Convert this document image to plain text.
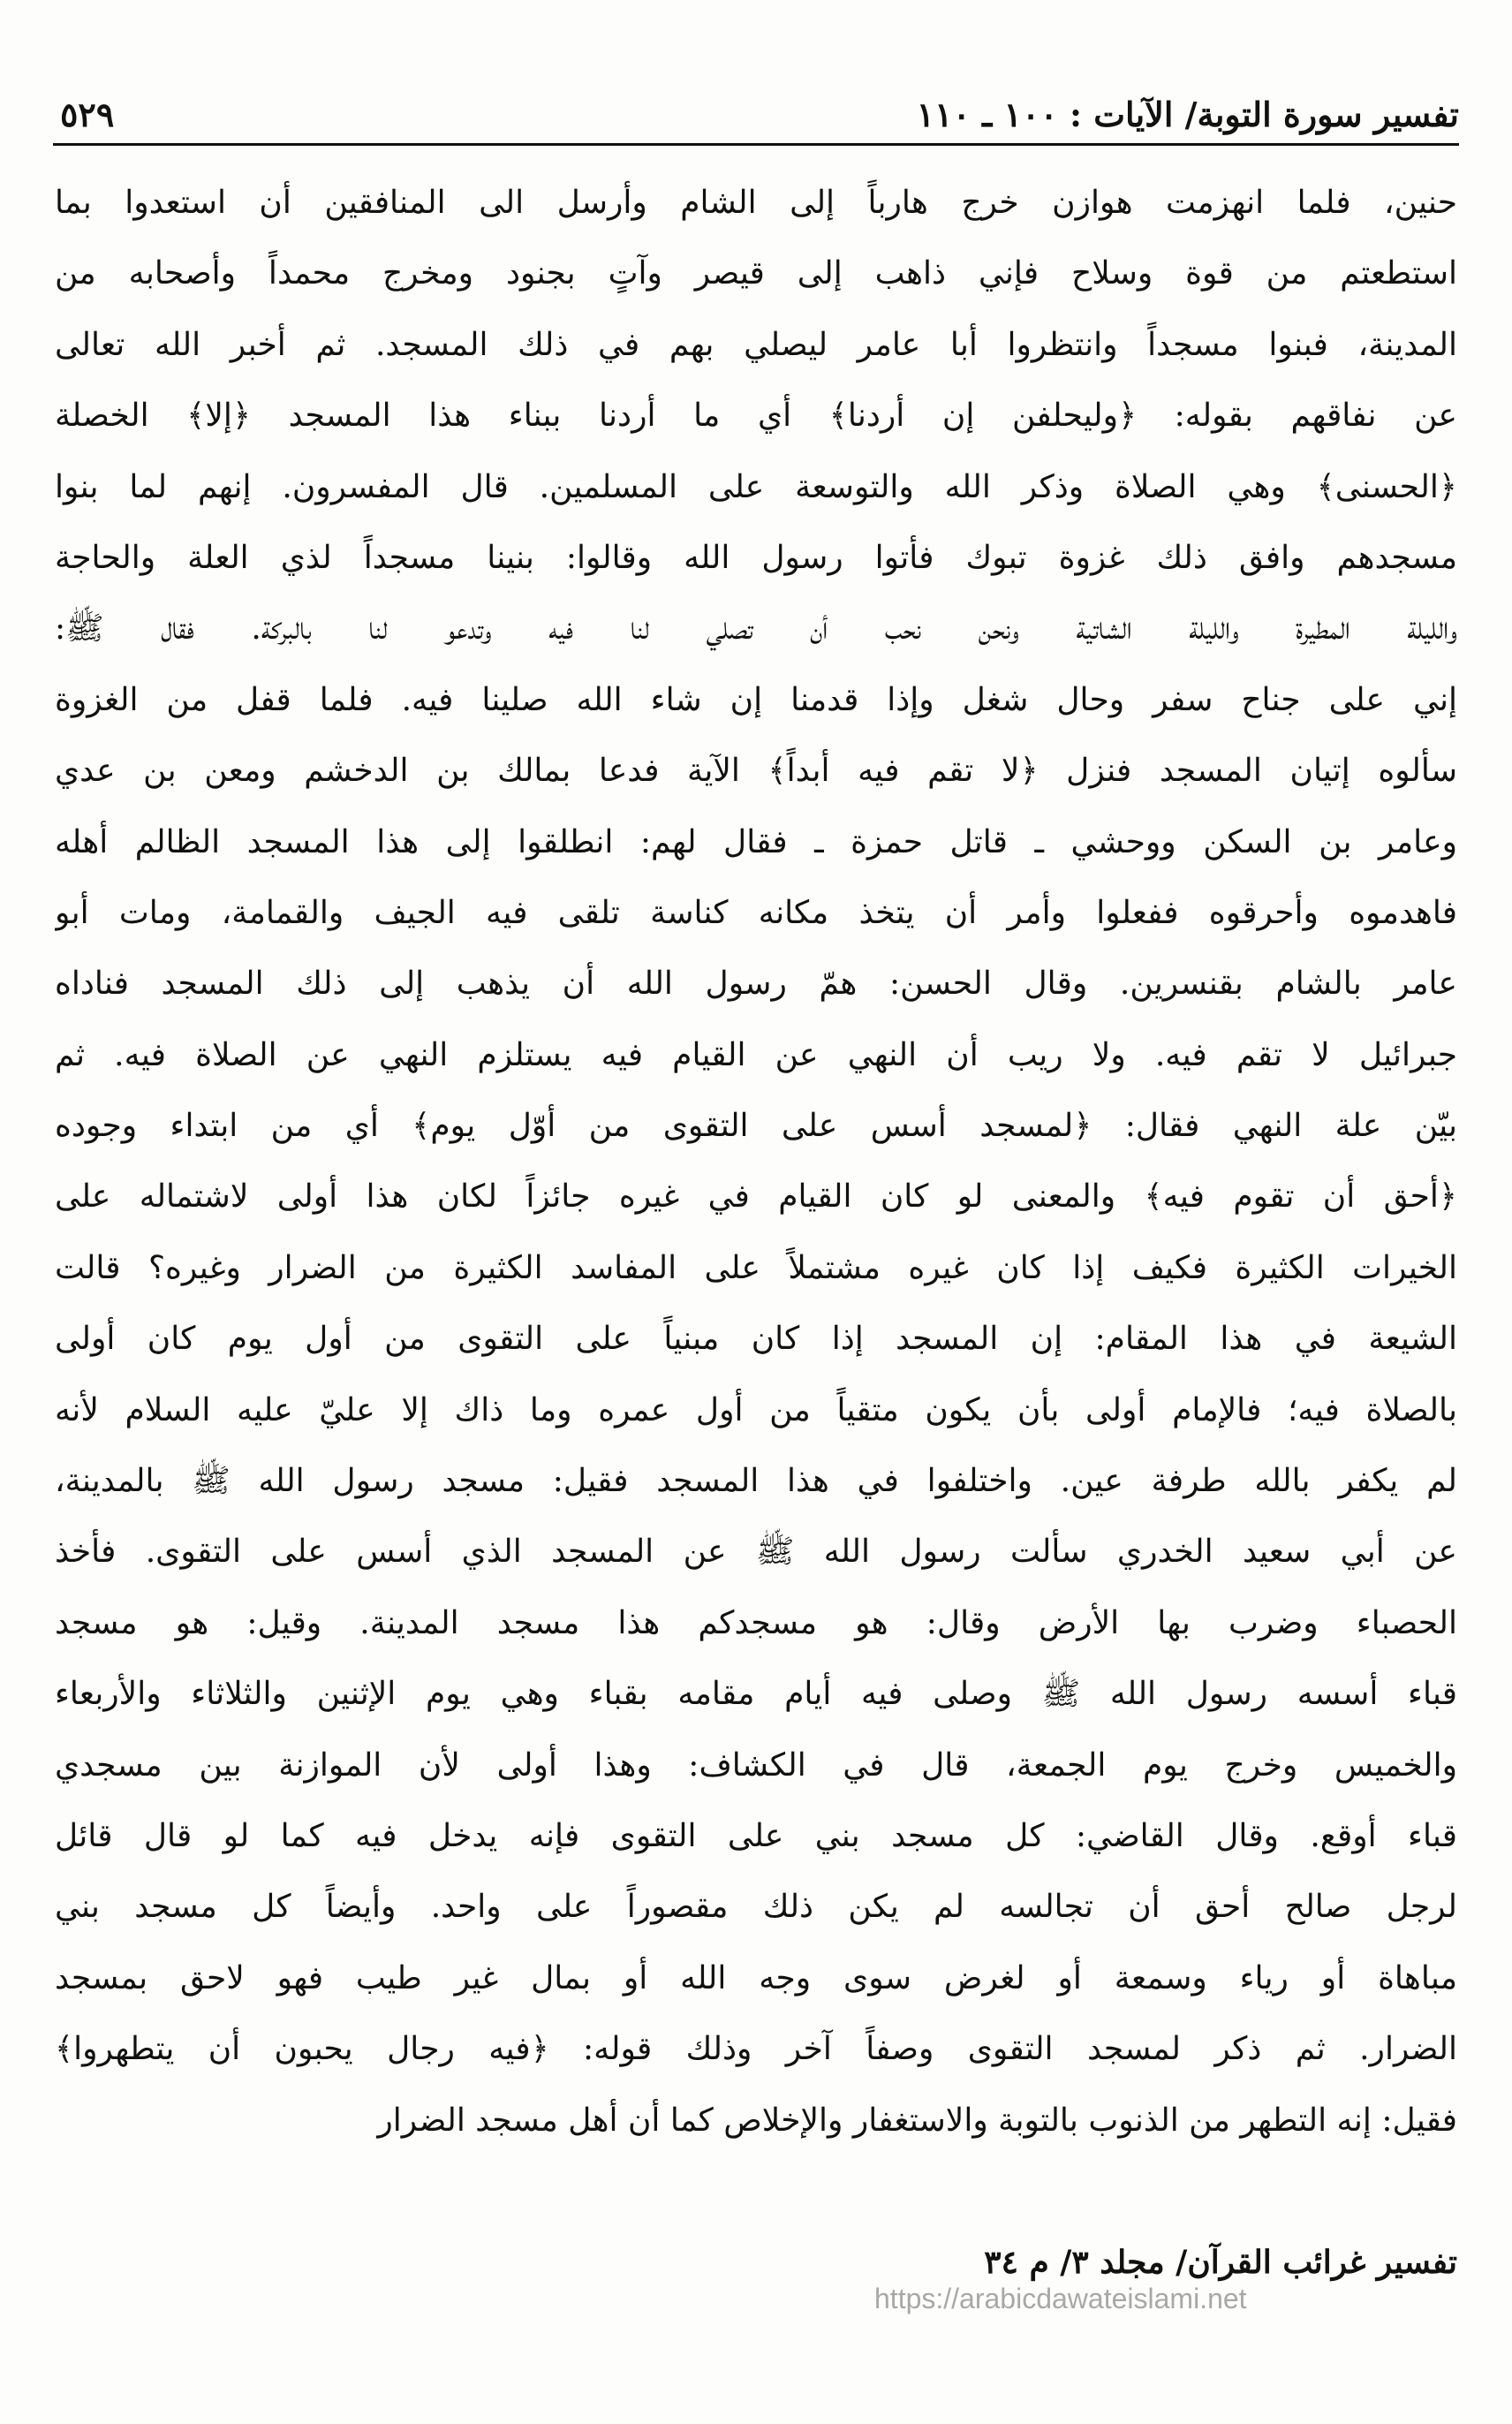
تفسير سورة التوبة/ الآيات : ١٠٠ ـ ١١٠
٥٢٩
حنين، فلما انهزمت هوازن خرج هارباً إلى الشام وأرسل الى المنافقين أن استعدوا بما
استطعتم من قوة وسلاح فإني ذاهب إلى قيصر وآتٍ بجنود ومخرج محمداً وأصحابه من
المدينة، فبنوا مسجداً وانتظروا أبا عامر ليصلي بهم في ذلك المسجد. ثم أخبر الله تعالى
عن نفاقهم بقوله: ﴿وليحلفن إن أردنا﴾ أي ما أردنا ببناء هذا المسجد ﴿إلا﴾ الخصلة
﴿الحسنى﴾ وهي الصلاة وذكر الله والتوسعة على المسلمين. قال المفسرون. إنهم لما بنوا
مسجدهم وافق ذلك غزوة تبوك فأتوا رسول الله وقالوا: بنينا مسجداً لذي العلة والحاجة
والليلة المطيرة والليلة الشاتية ونحن نحب أن تصلي لنا فيه وتدعو لنا بالبركة. فقال ﷺ:
إني على جناح سفر وحال شغل وإذا قدمنا إن شاء الله صلينا فيه. فلما قفل من الغزوة
سألوه إتيان المسجد فنزل ﴿لا تقم فيه أبداً﴾ الآية فدعا بمالك بن الدخشم ومعن بن عدي
وعامر بن السكن ووحشي ـ قاتل حمزة ـ فقال لهم: انطلقوا إلى هذا المسجد الظالم أهله
فاهدموه وأحرقوه ففعلوا وأمر أن يتخذ مكانه كناسة تلقى فيه الجيف والقمامة، ومات أبو
عامر بالشام بقنسرين. وقال الحسن: همّ رسول الله أن يذهب إلى ذلك المسجد فناداه
جبرائيل لا تقم فيه. ولا ريب أن النهي عن القيام فيه يستلزم النهي عن الصلاة فيه. ثم
بيّن علة النهي فقال: ﴿لمسجد أسس على التقوى من أوّل يوم﴾ أي من ابتداء وجوده
﴿أحق أن تقوم فيه﴾ والمعنى لو كان القيام في غيره جائزاً لكان هذا أولى لاشتماله على
الخيرات الكثيرة فكيف إذا كان غيره مشتملاً على المفاسد الكثيرة من الضرار وغيره؟ قالت
الشيعة في هذا المقام: إن المسجد إذا كان مبنياً على التقوى من أول يوم كان أولى
بالصلاة فيه؛ فالإمام أولى بأن يكون متقياً من أول عمره وما ذاك إلا عليّ عليه السلام لأنه
لم يكفر بالله طرفة عين. واختلفوا في هذا المسجد فقيل: مسجد رسول الله ﷺ بالمدينة،
عن أبي سعيد الخدري سألت رسول الله ﷺ عن المسجد الذي أسس على التقوى. فأخذ
الحصباء وضرب بها الأرض وقال: هو مسجدكم هذا مسجد المدينة. وقيل: هو مسجد
قباء أسسه رسول الله ﷺ وصلى فيه أيام مقامه بقباء وهي يوم الإثنين والثلاثاء والأربعاء
والخميس وخرج يوم الجمعة، قال في الكشاف: وهذا أولى لأن الموازنة بين مسجدي
قباء أوقع. وقال القاضي: كل مسجد بني على التقوى فإنه يدخل فيه كما لو قال قائل
لرجل صالح أحق أن تجالسه لم يكن ذلك مقصوراً على واحد. وأيضاً كل مسجد بني
مباهاة أو رياء وسمعة أو لغرض سوى وجه الله أو بمال غير طيب فهو لاحق بمسجد
الضرار. ثم ذكر لمسجد التقوى وصفاً آخر وذلك قوله: ﴿فيه رجال يحبون أن يتطهروا﴾
فقيل: إنه التطهر من الذنوب بالتوبة والاستغفار والإخلاص كما أن أهل مسجد الضرار
تفسير غرائب القرآن/ مجلد ٣/ م ٣٤
https://arabicdawateislami.net
